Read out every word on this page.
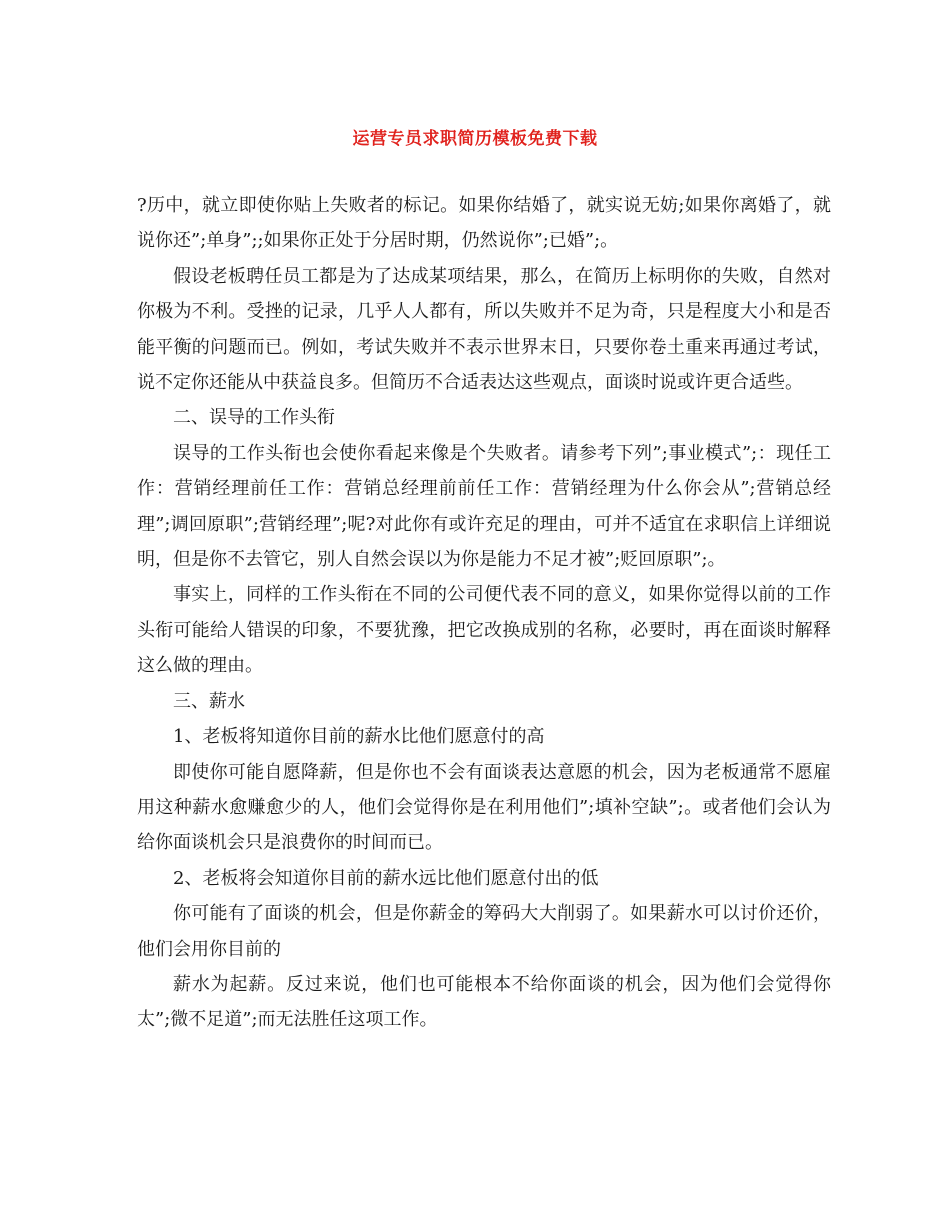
运营专员求职简历模板免费下载

?历中，就立即使你贴上失败者的标记。如果你结婚了，就实说无妨;如果你离婚了，就说你还”;单身”;;如果你正处于分居时期，仍然说你”;已婚”;。

假设老板聘任员工都是为了达成某项结果，那么，在简历上标明你的失败，自然对你极为不利。受挫的记录，几乎人人都有，所以失败并不足为奇，只是程度大小和是否能平衡的问题而已。例如，考试失败并不表示世界末日，只要你卷土重来再通过考试，说不定你还能从中获益良多。但简历不合适表达这些观点，面谈时说或许更合适些。

二、误导的工作头衔

误导的工作头衔也会使你看起来像是个失败者。请参考下列”;事业模式”;：现任工作：营销经理前任工作：营销总经理前前任工作：营销经理为什么你会从”;营销总经理”;调回原职”;营销经理”;呢?对此你有或许充足的理由，可并不适宜在求职信上详细说明，但是你不去管它，别人自然会误以为你是能力不足才被”;贬回原职”;。

事实上，同样的工作头衔在不同的公司便代表不同的意义，如果你觉得以前的工作头衔可能给人错误的印象，不要犹豫，把它改换成别的名称，必要时，再在面谈时解释这么做的理由。

三、薪水

1、老板将知道你目前的薪水比他们愿意付的高

即使你可能自愿降薪，但是你也不会有面谈表达意愿的机会，因为老板通常不愿雇用这种薪水愈赚愈少的人，他们会觉得你是在利用他们”;填补空缺”;。或者他们会认为给你面谈机会只是浪费你的时间而已。

2、老板将会知道你目前的薪水远比他们愿意付出的低

你可能有了面谈的机会，但是你薪金的筹码大大削弱了。如果薪水可以讨价还价，他们会用你目前的

薪水为起薪。反过来说，他们也可能根本不给你面谈的机会，因为他们会觉得你太”;微不足道”;而无法胜任这项工作。
